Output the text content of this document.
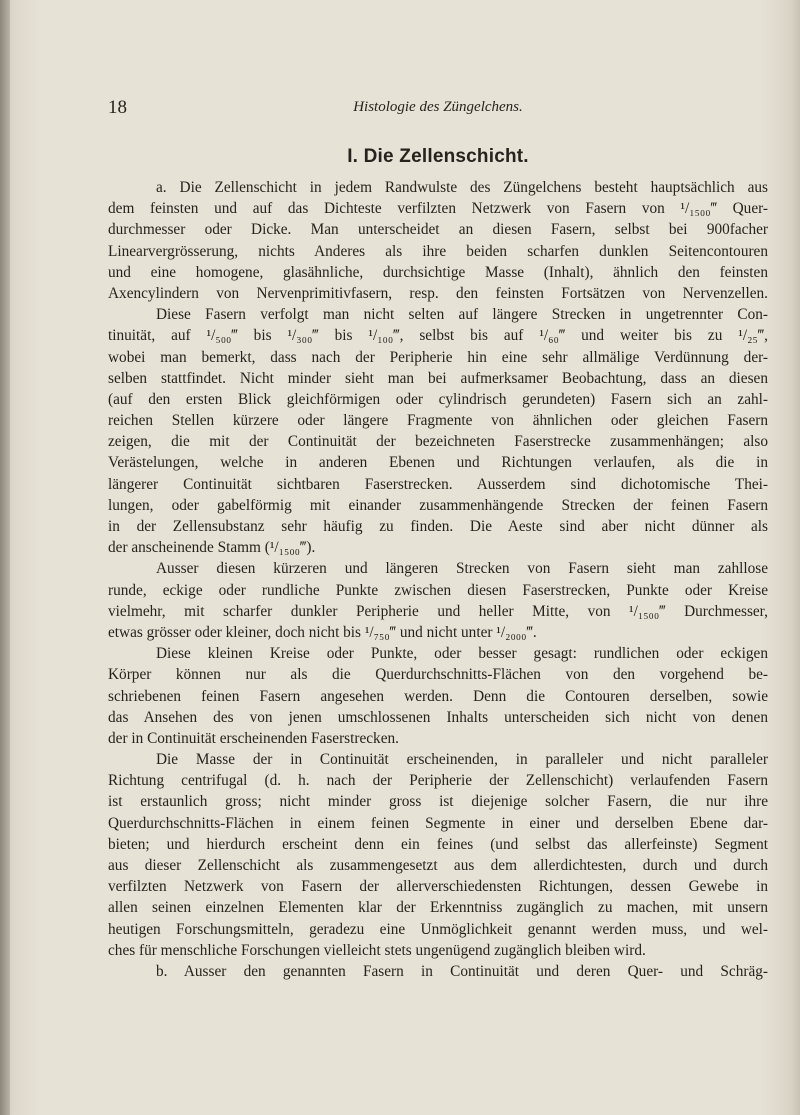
18	Histologie des Züngelchens.
I. Die Zellenschicht.
a. Die Zellenschicht in jedem Randwulste des Züngelchens besteht hauptsächlich aus
dem feinsten und auf das Dichteste verfilzten Netzwerk von Fasern von ¹/₁₅₀₀‴ Quer-
durchmesser oder Dicke. Man unterscheidet an diesen Fasern, selbst bei 900facher
Linearvergrösserung, nichts Anderes als ihre beiden scharfen dunklen Seitencontouren
und eine homogene, glasähnliche, durchsichtige Masse (Inhalt), ähnlich den feinsten
Axencylindern von Nervenprimitivfasern, resp. den feinsten Fortsätzen von Nervenzellen.
Diese Fasern verfolgt man nicht selten auf längere Strecken in ungetrennter Con-
tinuität, auf ¹/₅₀₀‴ bis ¹/₃₀₀‴ bis ¹/₁₀₀‴, selbst bis auf ¹/₆₀‴ und weiter bis zu ¹/₂₅‴,
wobei man bemerkt, dass nach der Peripherie hin eine sehr allmälige Verdünnung der-
selben stattfindet. Nicht minder sieht man bei aufmerksamer Beobachtung, dass an diesen
(auf den ersten Blick gleichförmigen oder cylindrisch gerundeten) Fasern sich an zahl-
reichen Stellen kürzere oder längere Fragmente von ähnlichen oder gleichen Fasern
zeigen, die mit der Continuität der bezeichneten Faserstrecke zusammenhängen; also
Verästelungen, welche in anderen Ebenen und Richtungen verlaufen, als die in
längerer Continuität sichtbaren Faserstrecken. Ausserdem sind dichotomische Thei-
lungen, oder gabelförmig mit einander zusammenhängende Strecken der feinen Fasern
in der Zellensubstanz sehr häufig zu finden. Die Aeste sind aber nicht dünner als
der anscheinende Stamm (¹/₁₅₀₀‴).
Ausser diesen kürzeren und längeren Strecken von Fasern sieht man zahllose
runde, eckige oder rundliche Punkte zwischen diesen Faserstrecken, Punkte oder Kreise
vielmehr, mit scharfer dunkler Peripherie und heller Mitte, von ¹/₁₅₀₀‴ Durchmesser,
etwas grösser oder kleiner, doch nicht bis ¹/₇₅₀‴ und nicht unter ¹/₂₀₀₀‴.
Diese kleinen Kreise oder Punkte, oder besser gesagt: rundlichen oder eckigen
Körper können nur als die Querdurchschnitts-Flächen von den vorgehend be-
schriebenen feinen Fasern angesehen werden. Denn die Contouren derselben, sowie
das Ansehen des von jenen umschlossenen Inhalts unterscheiden sich nicht von denen
der in Continuität erscheinenden Faserstrecken.
Die Masse der in Continuität erscheinenden, in paralleler und nicht paralleler
Richtung centrifugal (d. h. nach der Peripherie der Zellenschicht) verlaufenden Fasern
ist erstaunlich gross; nicht minder gross ist diejenige solcher Fasern, die nur ihre
Querdurchschnitts-Flächen in einem feinen Segmente in einer und derselben Ebene dar-
bieten; und hierdurch erscheint denn ein feines (und selbst das allerfeinste) Segment
aus dieser Zellenschicht als zusammengesetzt aus dem allerdichtesten, durch und durch
verfilzten Netzwerk von Fasern der allerverschiedensten Richtungen, dessen Gewebe in
allen seinen einzelnen Elementen klar der Erkenntniss zugänglich zu machen, mit unsern
heutigen Forschungsmitteln, geradezu eine Unmöglichkeit genannt werden muss, und wel-
ches für menschliche Forschungen vielleicht stets ungenügend zugänglich bleiben wird.
b. Ausser den genannten Fasern in Continuität und deren Quer- und Schräg-
